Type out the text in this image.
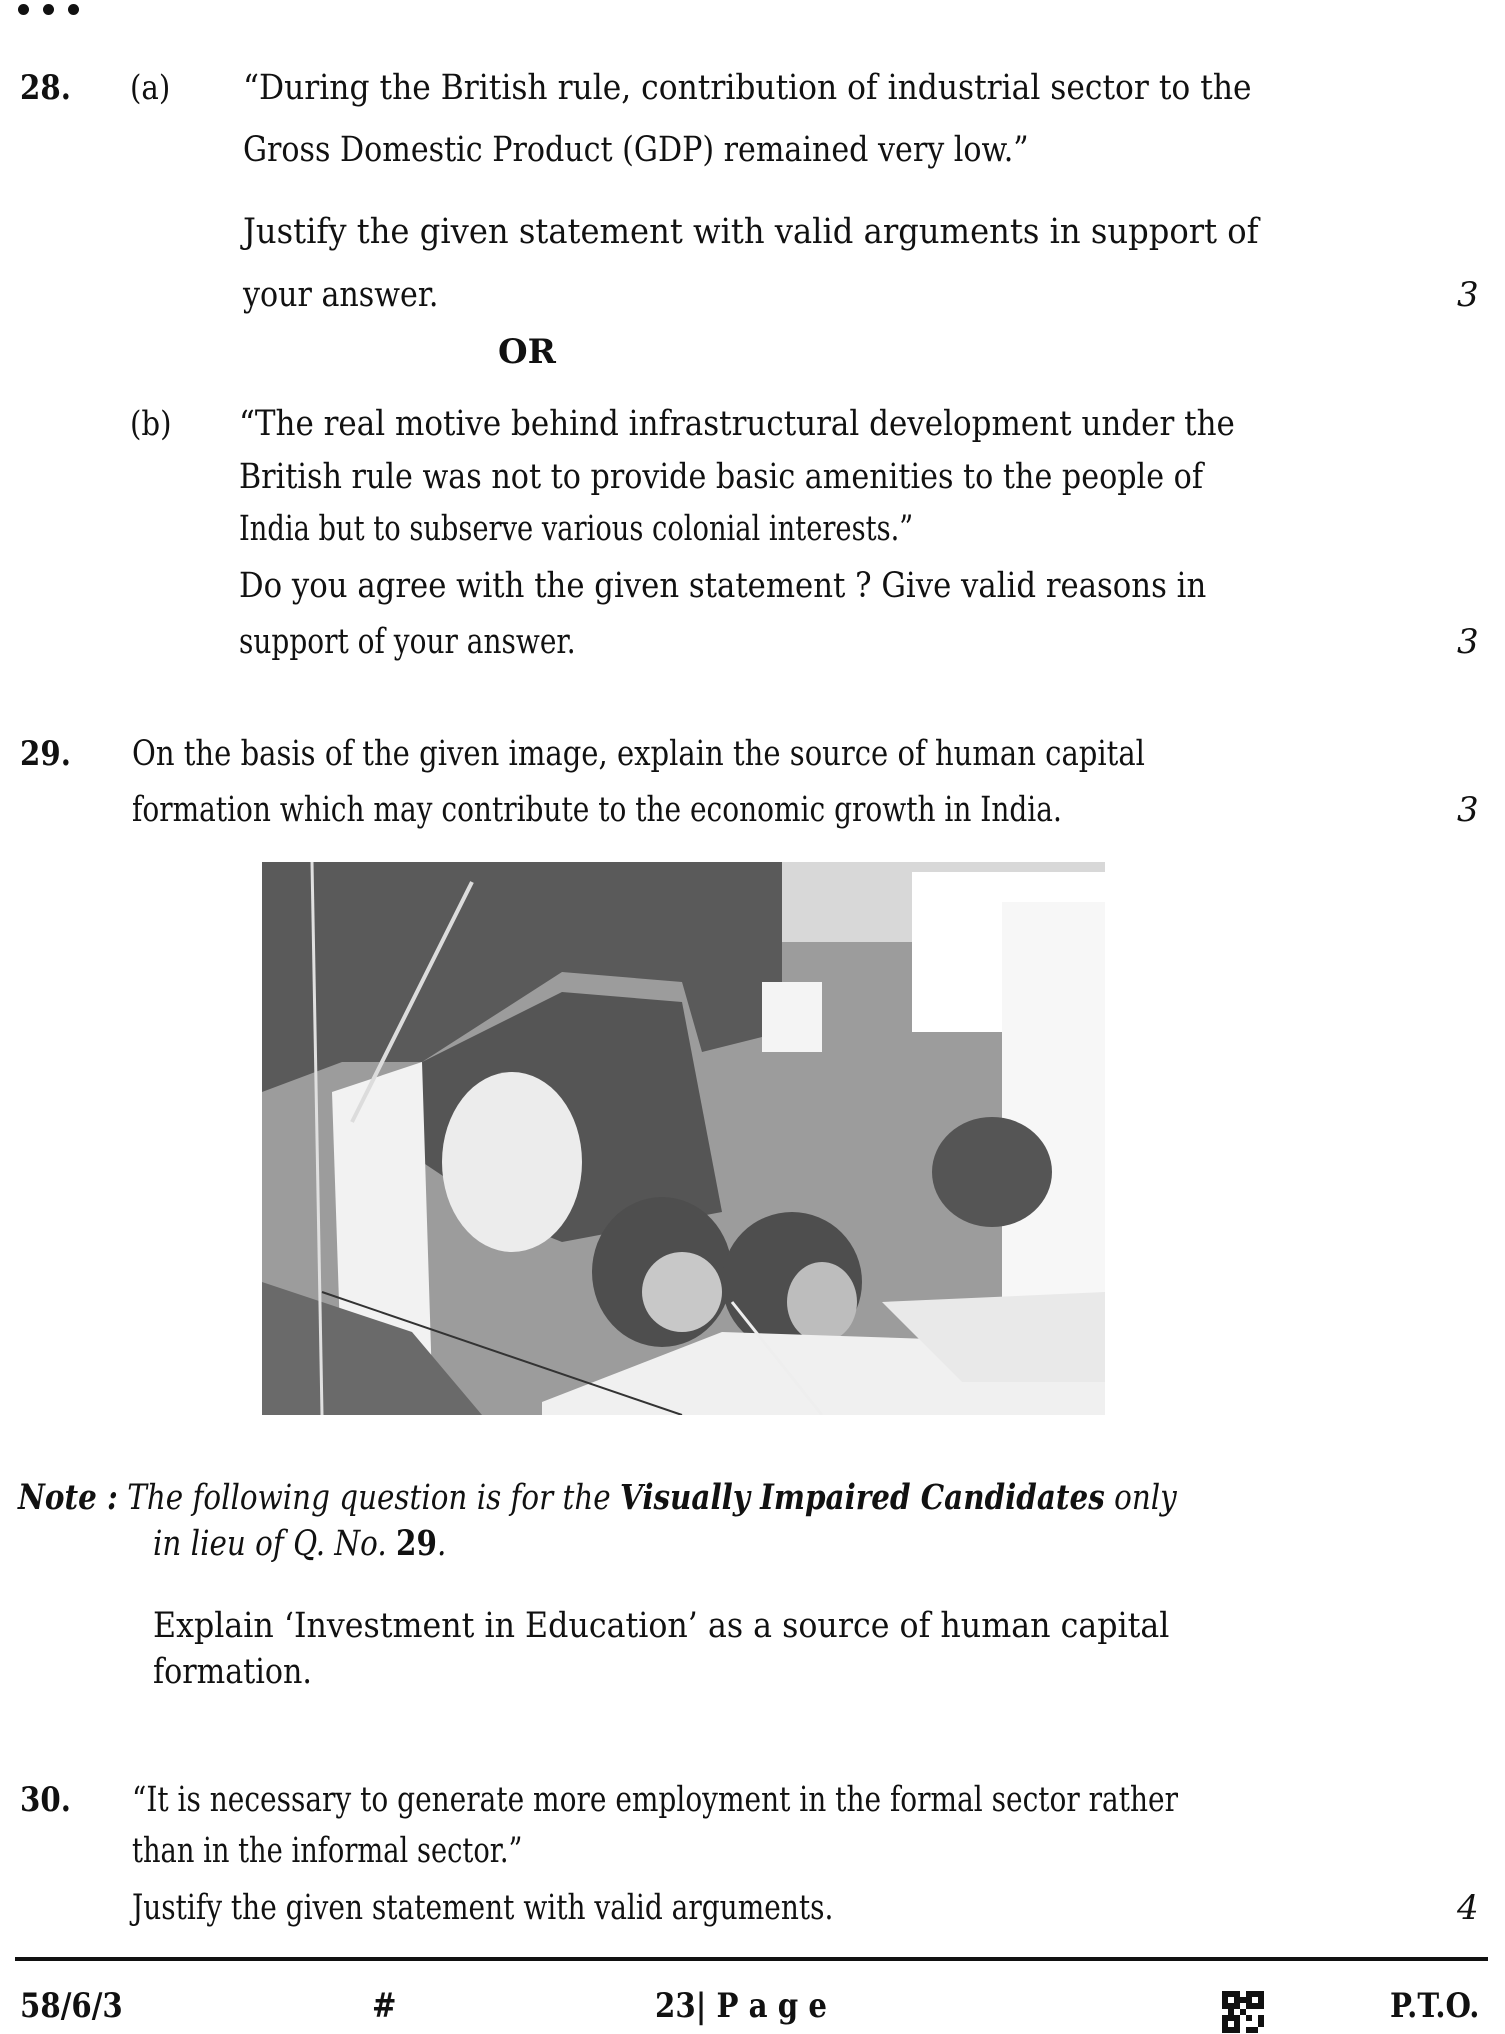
28. (a) “During the British rule, contribution of industrial sector to the
Gross Domestic Product (GDP) remained very low.”
Justify the given statement with valid arguments in support of
your answer.	3
OR
(b) “The real motive behind infrastructural development under the
British rule was not to provide basic amenities to the people of
India but to subserve various colonial interests.”
Do you agree with the given statement ? Give valid reasons in
support of your answer.	3
29. On the basis of the given image, explain the source of human capital
formation which may contribute to the economic growth in India.	3
Note : The following question is for the Visually Impaired Candidates only
in lieu of Q. No. 29.
Explain ‘Investment in Education’ as a source of human capital
formation.
30. “It is necessary to generate more employment in the formal sector rather
than in the informal sector.”
Justify the given statement with valid arguments.	4
58/6/3	#	23| P a g e	P.T.O.
